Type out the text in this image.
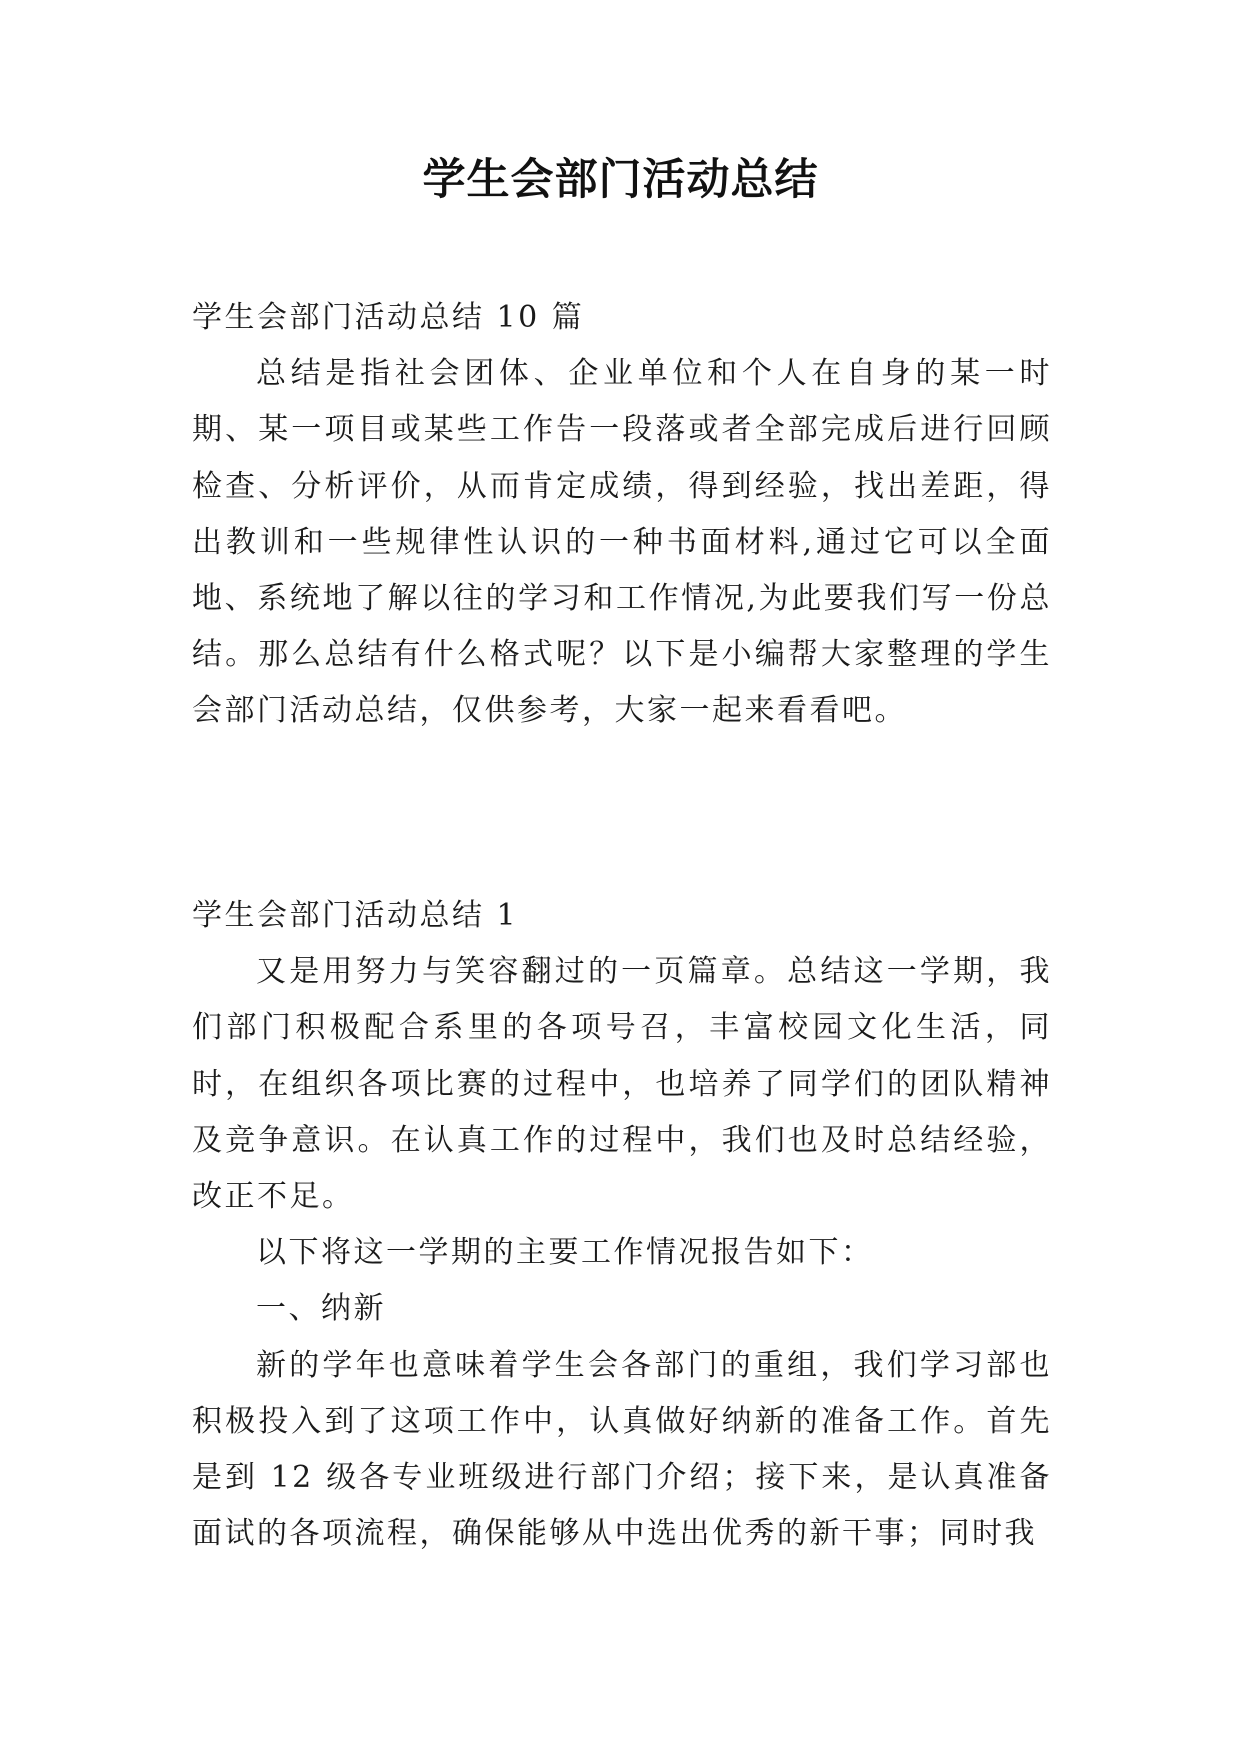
学生会部门活动总结

学生会部门活动总结 10 篇

总结是指社会团体、企业单位和个人在自身的某一时期、某一项目或某些工作告一段落或者全部完成后进行回顾检查、分析评价，从而肯定成绩，得到经验，找出差距，得出教训和一些规律性认识的一种书面材料,通过它可以全面地、系统地了解以往的学习和工作情况,为此要我们写一份总结。那么总结有什么格式呢？以下是小编帮大家整理的学生会部门活动总结，仅供参考，大家一起来看看吧。

学生会部门活动总结 1

又是用努力与笑容翻过的一页篇章。总结这一学期，我们部门积极配合系里的各项号召，丰富校园文化生活，同时，在组织各项比赛的过程中，也培养了同学们的团队精神及竞争意识。在认真工作的过程中，我们也及时总结经验，改正不足。

以下将这一学期的主要工作情况报告如下：

一、纳新

新的学年也意味着学生会各部门的重组，我们学习部也积极投入到了这项工作中，认真做好纳新的准备工作。首先是到 12 级各专业班级进行部门介绍；接下来，是认真准备面试的各项流程，确保能够从中选出优秀的新干事；同时我
